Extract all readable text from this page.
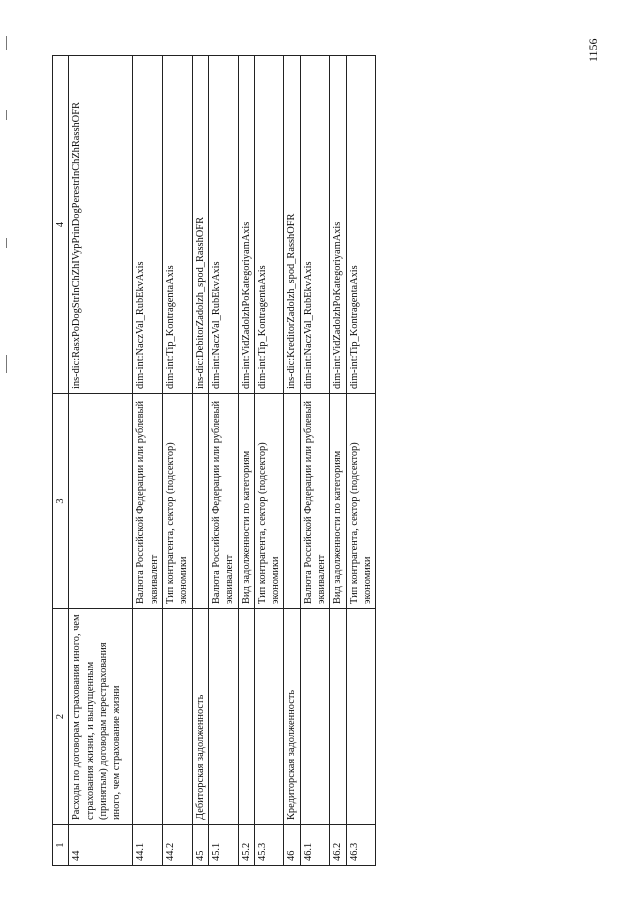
1156
1	2	3	4
44	Расходы по договорам страхования иного, чем страхования жизни, и выпущенным (принятым) договорам перестрахования иного, чем страхование жизни		ins-dic:RasxPoDogStrInChZhIVypPrinDogPerestrInChZhRasshOFR
44.1		Валюта Российской Федерации или рублевый эквивалент	dim-int:NaczVal_RubEkvAxis
44.2		Тип контрагента, сектор (подсектор) экономики	dim-int:Tip_KontragentaAxis
45	Дебиторская задолженность		ins-dic:DebitorZadolzh_spod_RasshOFR
45.1		Валюта Российской Федерации или рублевый эквивалент	dim-int:NaczVal_RubEkvAxis
45.2		Вид задолженности по категориям	dim-int:VidZadolzhPoKategoriyamAxis
45.3		Тип контрагента, сектор (подсектор) экономики	dim-int:Tip_KontragentaAxis
46	Кредиторская задолженность		ins-dic:KreditorZadolzh_spod_RasshOFR
46.1		Валюта Российской Федерации или рублевый эквивалент	dim-int:NaczVal_RubEkvAxis
46.2		Вид задолженности по категориям	dim-int:VidZadolzhPoKategoriyamAxis
46.3		Тип контрагента, сектор (подсектор) экономики	dim-int:Tip_KontragentaAxis
